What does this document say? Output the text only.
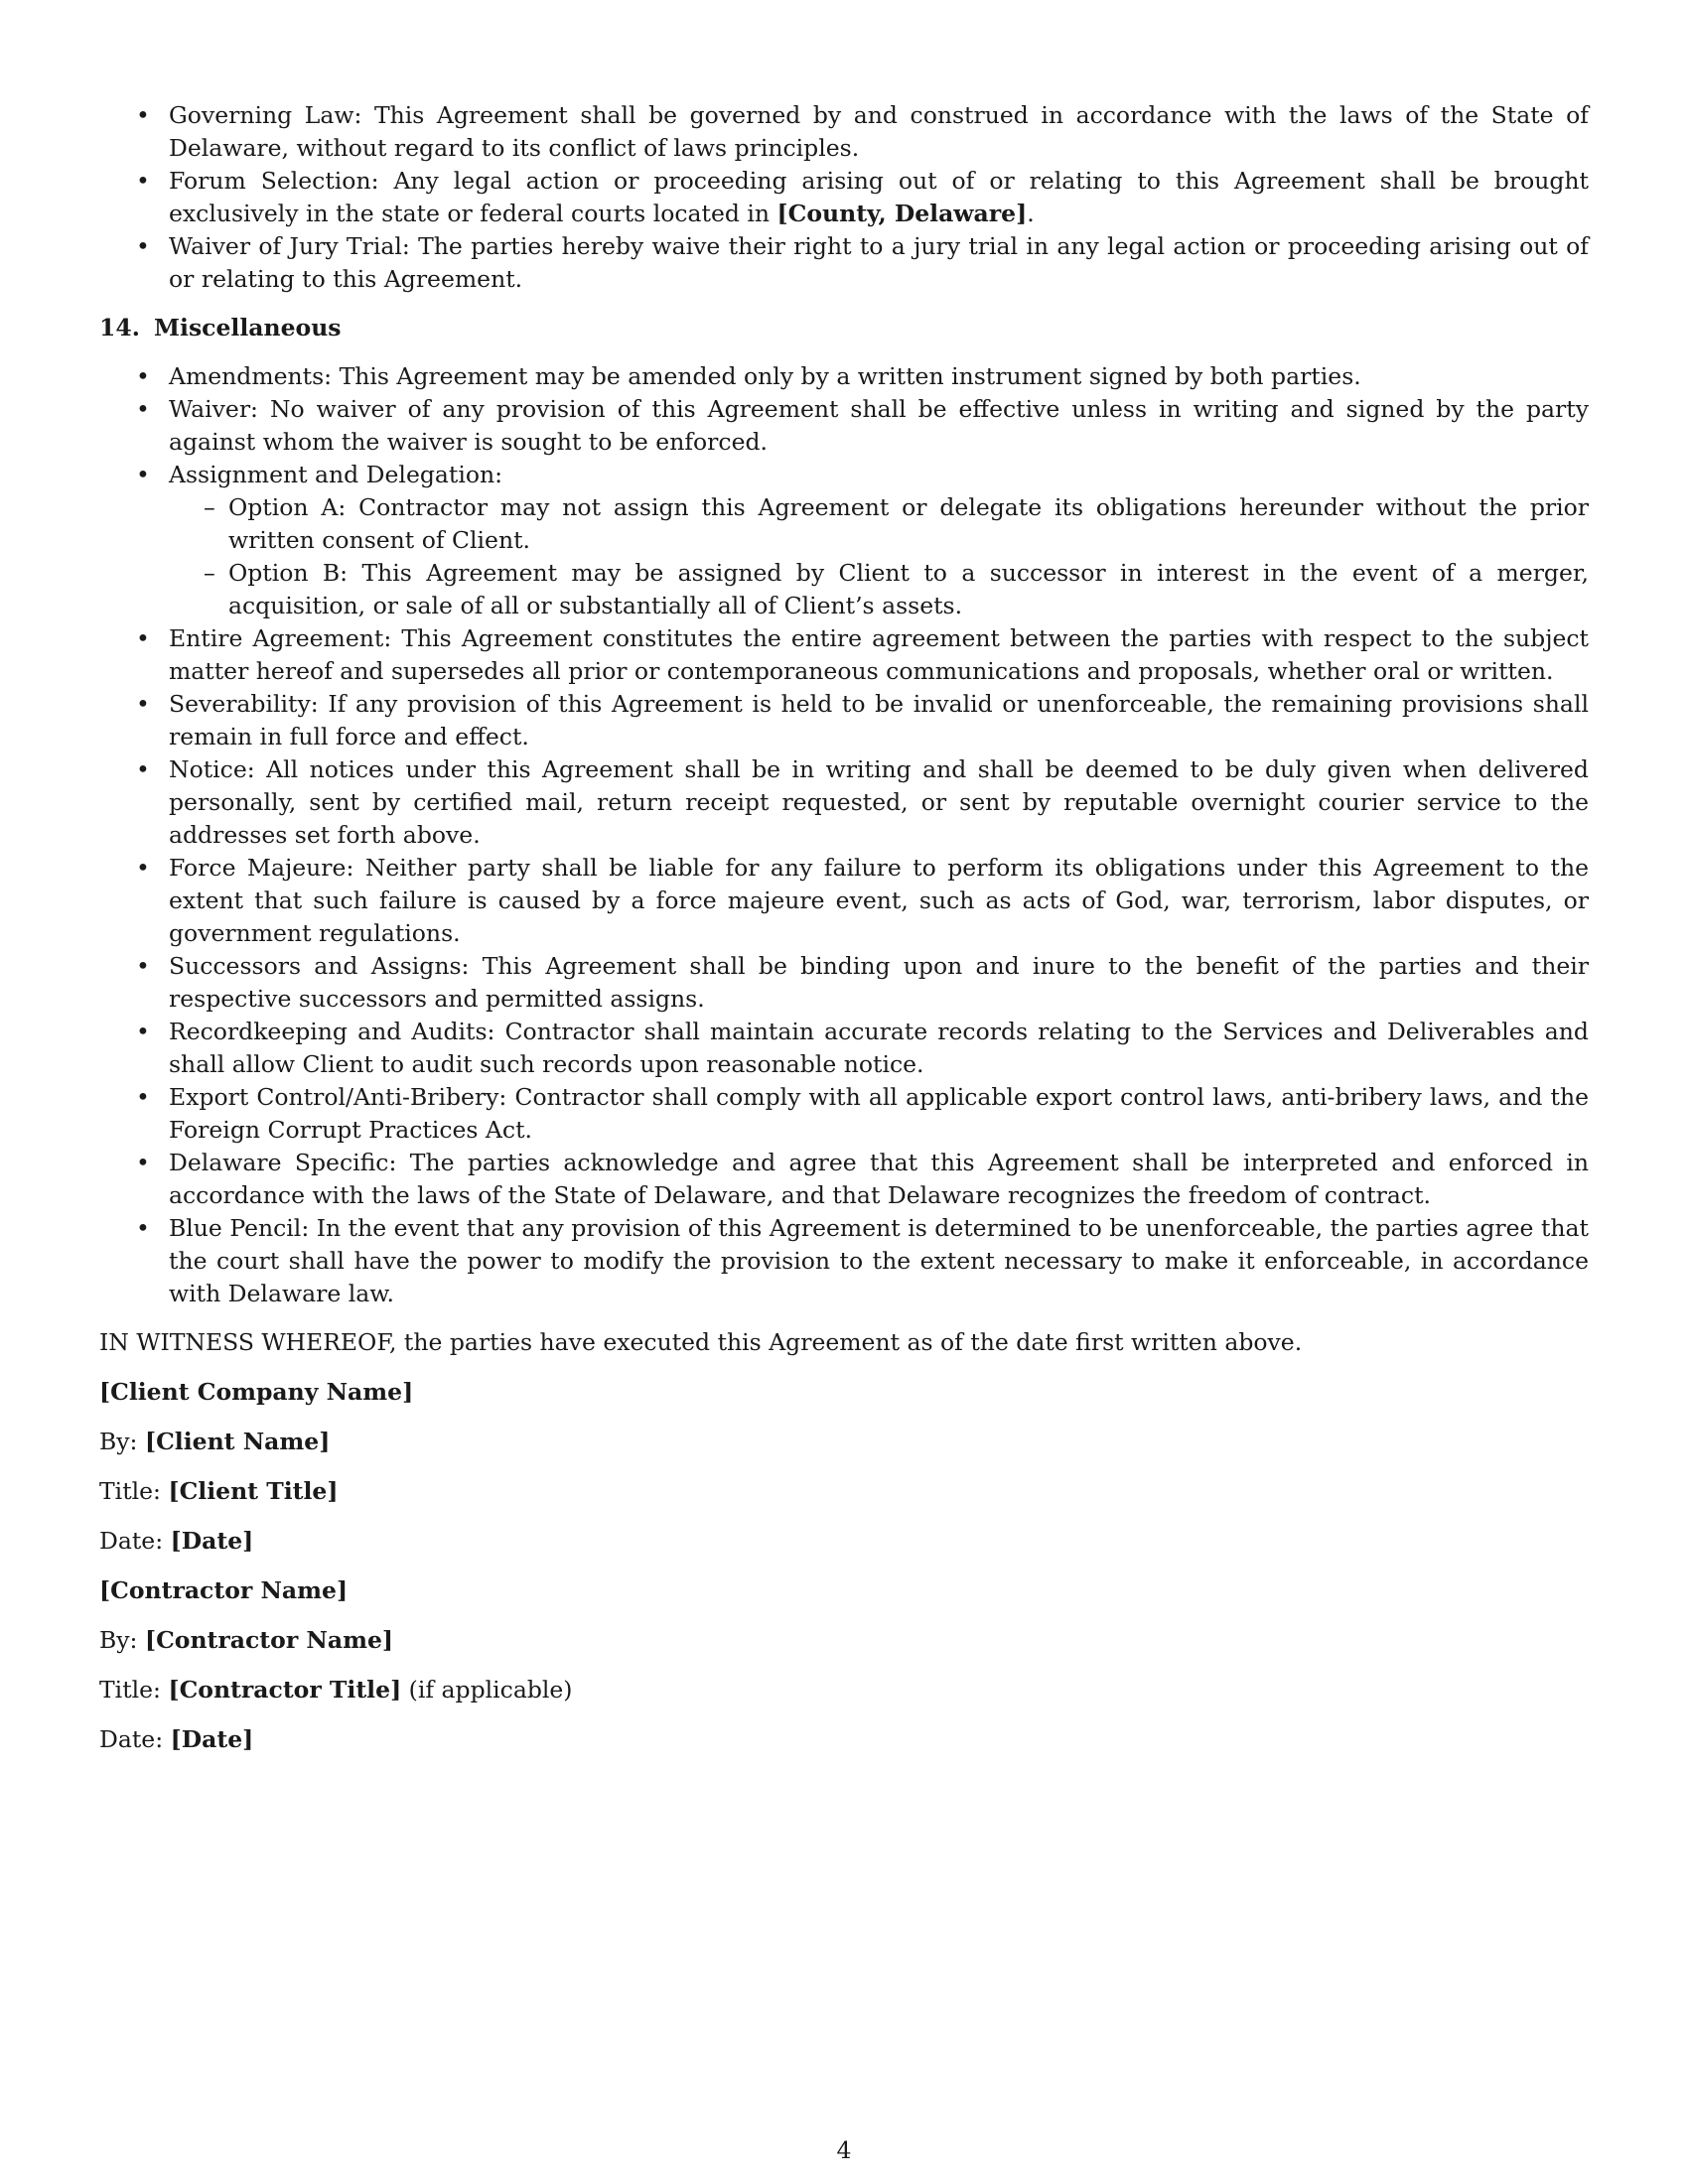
• Governing Law: This Agreement shall be governed by and construed in accordance with the laws of the State of Delaware, without regard to its conflict of laws principles.
• Forum Selection: Any legal action or proceeding arising out of or relating to this Agreement shall be brought exclusively in the state or federal courts located in [County, Delaware].
• Waiver of Jury Trial: The parties hereby waive their right to a jury trial in any legal action or proceeding arising out of or relating to this Agreement.
14. Miscellaneous
• Amendments: This Agreement may be amended only by a written instrument signed by both parties.
• Waiver: No waiver of any provision of this Agreement shall be effective unless in writing and signed by the party against whom the waiver is sought to be enforced.
• Assignment and Delegation:
– Option A: Contractor may not assign this Agreement or delegate its obligations hereunder without the prior written consent of Client.
– Option B: This Agreement may be assigned by Client to a successor in interest in the event of a merger, acquisition, or sale of all or substantially all of Client’s assets.
• Entire Agreement: This Agreement constitutes the entire agreement between the parties with respect to the subject matter hereof and supersedes all prior or contemporaneous communications and proposals, whether oral or written.
• Severability: If any provision of this Agreement is held to be invalid or unenforceable, the remaining provisions shall remain in full force and effect.
• Notice: All notices under this Agreement shall be in writing and shall be deemed to be duly given when delivered personally, sent by certified mail, return receipt requested, or sent by reputable overnight courier service to the addresses set forth above.
• Force Majeure: Neither party shall be liable for any failure to perform its obligations under this Agreement to the extent that such failure is caused by a force majeure event, such as acts of God, war, terrorism, labor disputes, or government regulations.
• Successors and Assigns: This Agreement shall be binding upon and inure to the benefit of the parties and their respective successors and permitted assigns.
• Recordkeeping and Audits: Contractor shall maintain accurate records relating to the Services and Deliverables and shall allow Client to audit such records upon reasonable notice.
• Export Control/Anti-Bribery: Contractor shall comply with all applicable export control laws, anti-bribery laws, and the Foreign Corrupt Practices Act.
• Delaware Specific: The parties acknowledge and agree that this Agreement shall be interpreted and enforced in accordance with the laws of the State of Delaware, and that Delaware recognizes the freedom of contract.
• Blue Pencil: In the event that any provision of this Agreement is determined to be unenforceable, the parties agree that the court shall have the power to modify the provision to the extent necessary to make it enforceable, in accordance with Delaware law.
IN WITNESS WHEREOF, the parties have executed this Agreement as of the date first written above.
[Client Company Name]
By: [Client Name]
Title: [Client Title]
Date: [Date]
[Contractor Name]
By: [Contractor Name]
Title: [Contractor Title] (if applicable)
Date: [Date]
4
